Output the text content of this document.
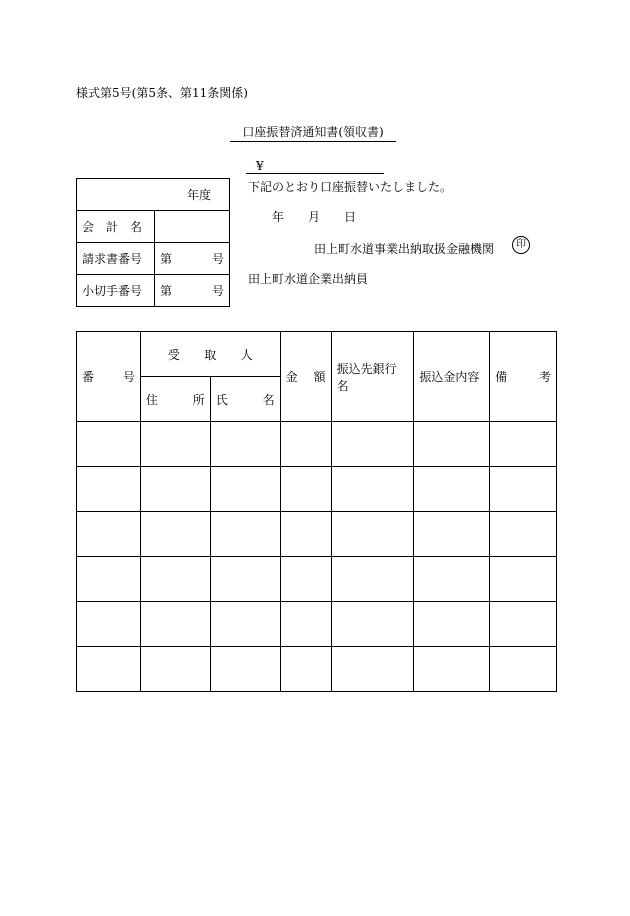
様式第5号(第5条、第11条関係)
口座振替済通知書(領収書)
¥
年度	
会　計　名	
請求書番号	第 号

小切手番号	第 号
下記のとおり口座振替いたしました。
年 月 日
田上町水道事業出納取扱金融機関	印
田上町水道企業出納員
番 号	受 取 人		金 額	振込先銀行名	振込金内容	備 考

	住 所	氏 名				
